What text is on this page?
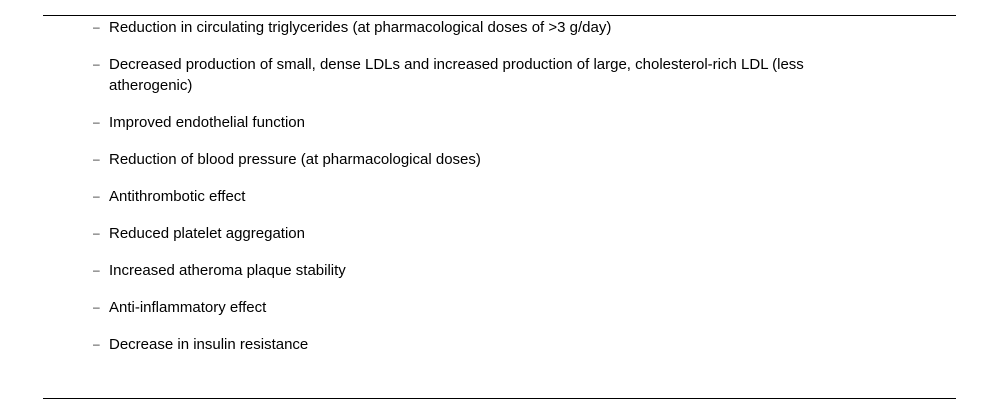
– Reduction in circulating triglycerides (at pharmacological doses of >3 g/day)
– Decreased production of small, dense LDLs and increased production of large, cholesterol-rich LDL (less atherogenic)
– Improved endothelial function
– Reduction of blood pressure (at pharmacological doses)
– Antithrombotic effect
– Reduced platelet aggregation
– Increased atheroma plaque stability
– Anti-inflammatory effect
– Decrease in insulin resistance
